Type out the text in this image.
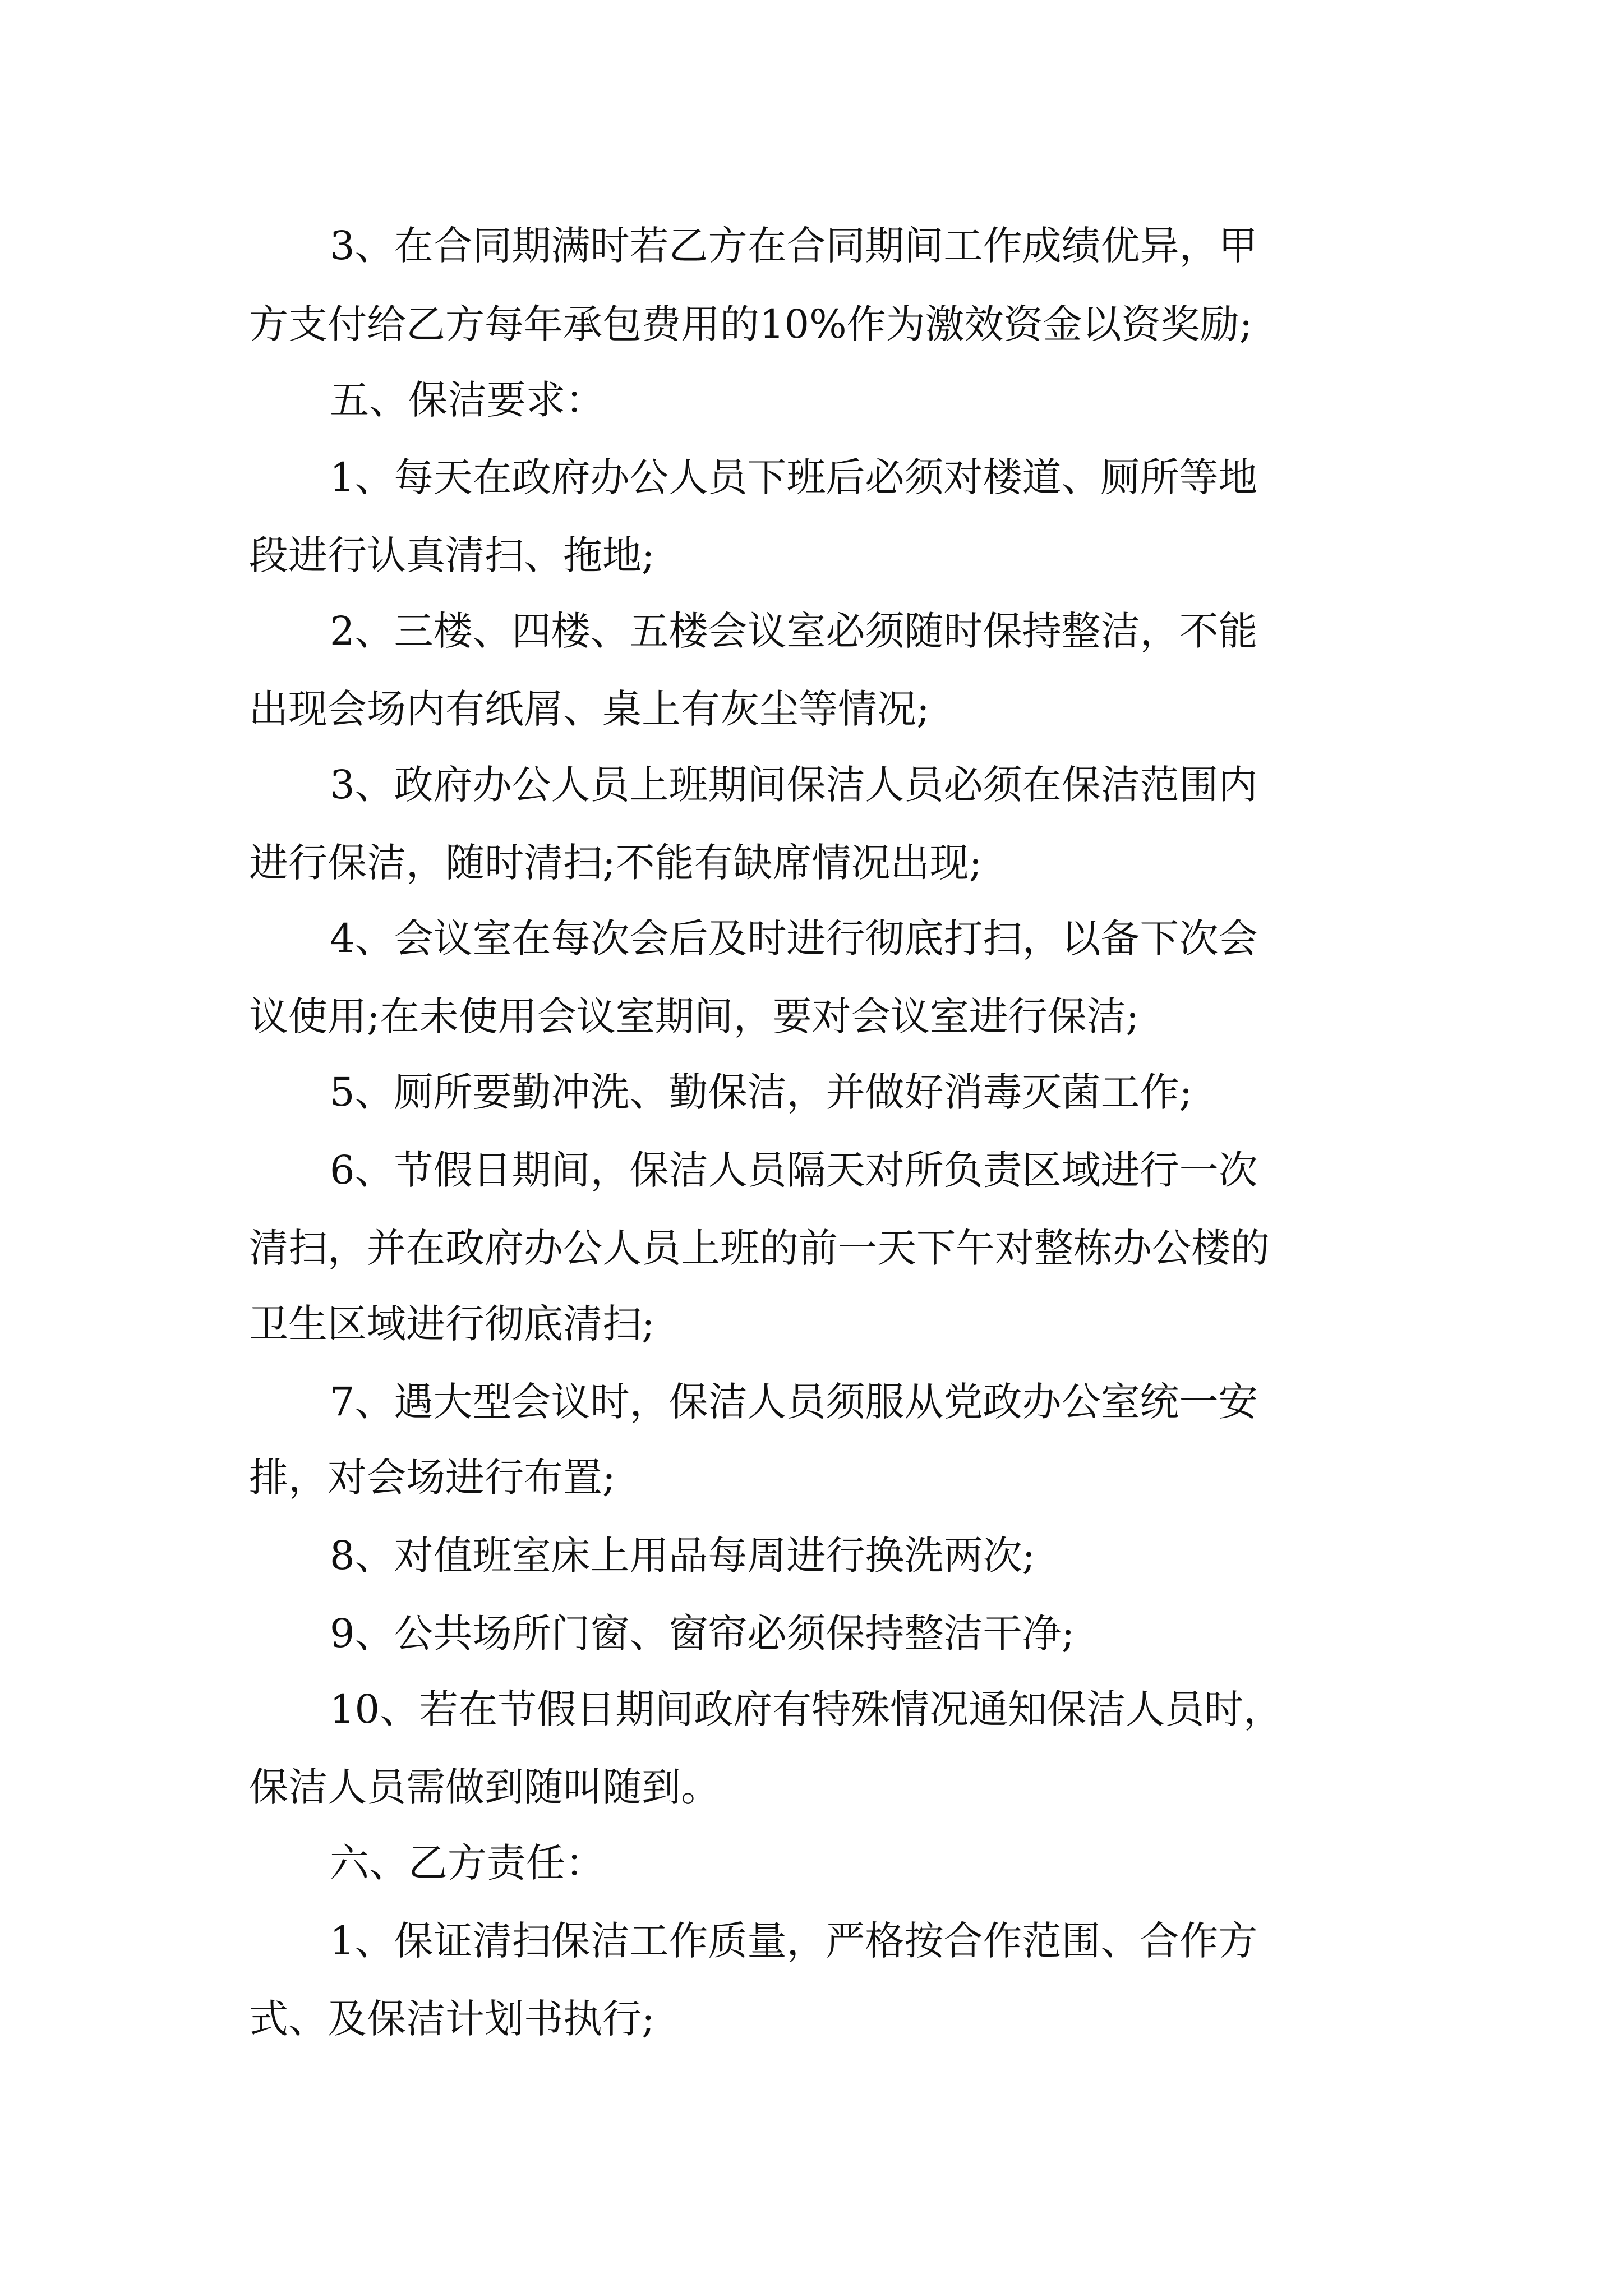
3、在合同期满时若乙方在合同期间工作成绩优异，甲

方支付给乙方每年承包费用的10%作为激效资金以资奖励;

五、保洁要求：

1、每天在政府办公人员下班后必须对楼道、厕所等地

段进行认真清扫、拖地;

2、三楼、四楼、五楼会议室必须随时保持整洁，不能

出现会场内有纸屑、桌上有灰尘等情况;

3、政府办公人员上班期间保洁人员必须在保洁范围内

进行保洁，随时清扫;不能有缺席情况出现;

4、会议室在每次会后及时进行彻底打扫，以备下次会

议使用;在未使用会议室期间，要对会议室进行保洁;

5、厕所要勤冲洗、勤保洁，并做好消毒灭菌工作;

6、节假日期间，保洁人员隔天对所负责区域进行一次

清扫，并在政府办公人员上班的前一天下午对整栋办公楼的

卫生区域进行彻底清扫;

7、遇大型会议时，保洁人员须服从党政办公室统一安

排，对会场进行布置;

8、对值班室床上用品每周进行换洗两次;

9、公共场所门窗、窗帘必须保持整洁干净;

10、若在节假日期间政府有特殊情况通知保洁人员时，

保洁人员需做到随叫随到。

六、乙方责任：

1、保证清扫保洁工作质量，严格按合作范围、合作方

式、及保洁计划书执行;
